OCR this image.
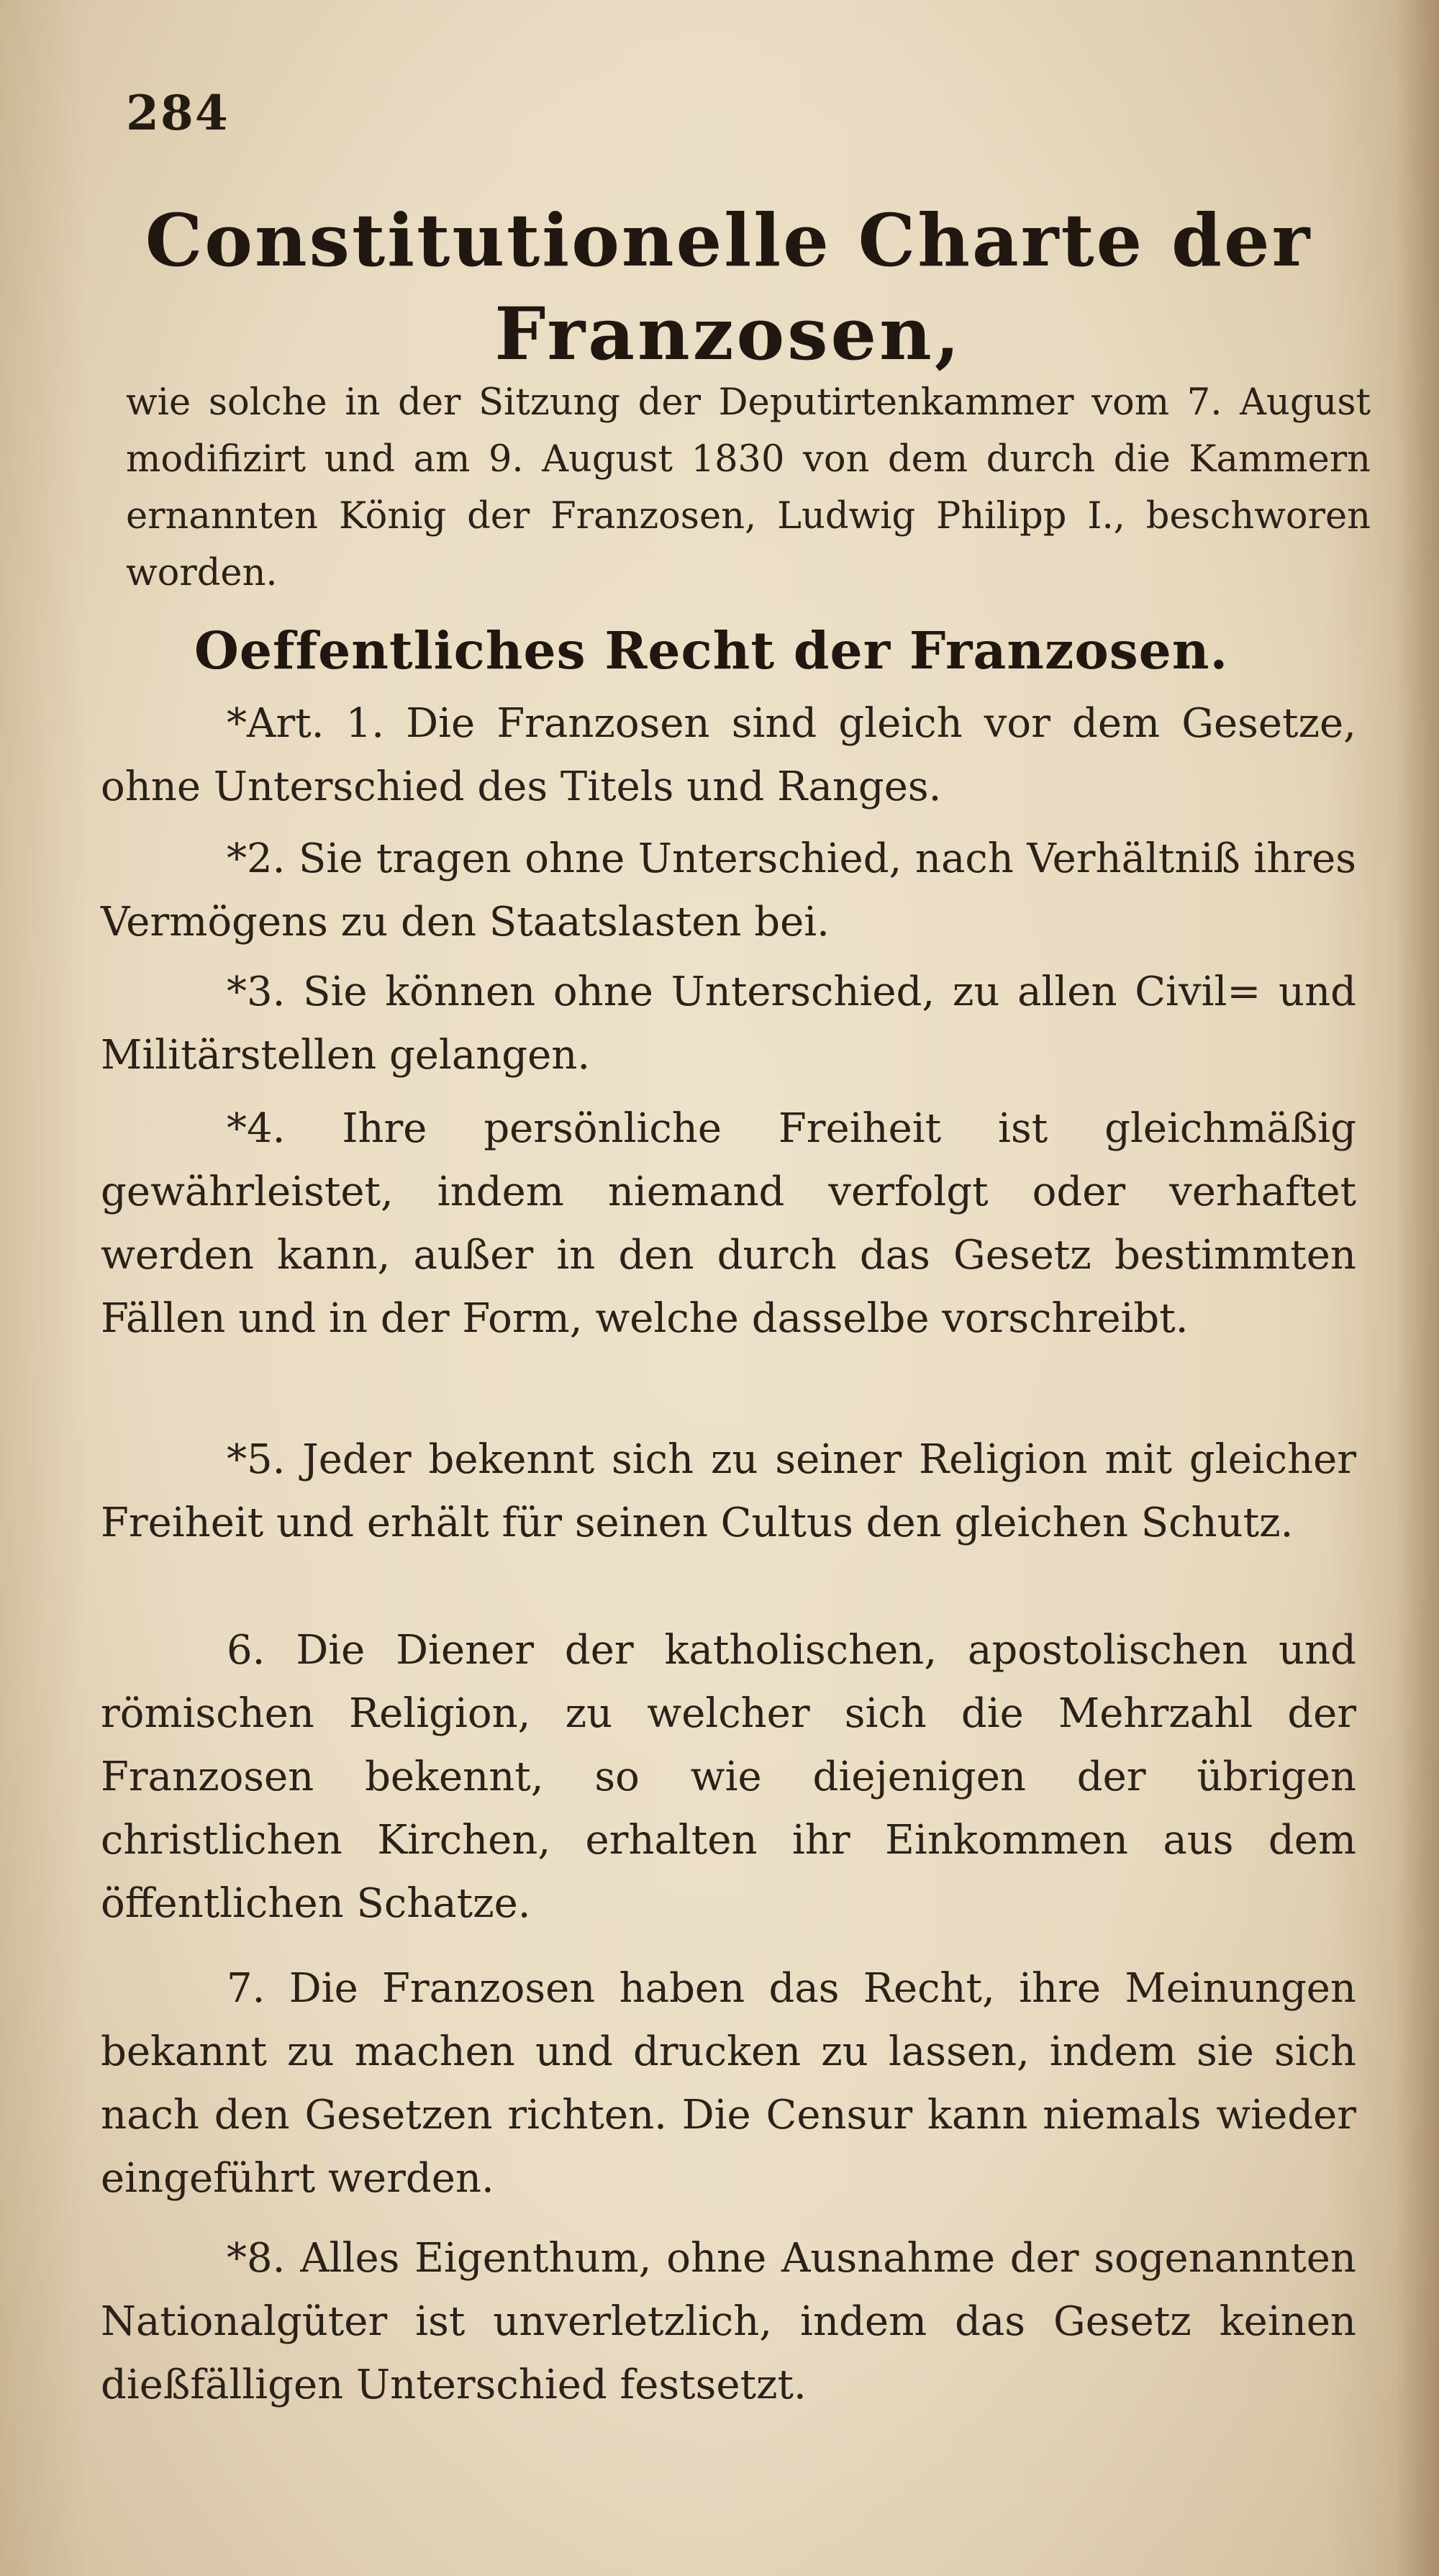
284
Constitutionelle Charte der
Franzosen,
wie solche in der Sitzung der Deputirtenkammer vom 7. August modifizirt und am 9. August 1830 von dem durch die Kammern ernannten König der Franzosen, Ludwig Philipp I., beschworen worden.
Oeffentliches Recht der Franzosen.
*Art. 1. Die Franzosen sind gleich vor dem Gesetze, ohne Unterschied des Titels und Ranges.
*2. Sie tragen ohne Unterschied, nach Verhältniß ihres Vermögens zu den Staatslasten bei.
*3. Sie können ohne Unterschied, zu allen Civil= und Militärstellen gelangen.
*4. Ihre persönliche Freiheit ist gleichmäßig gewährleistet, indem niemand verfolgt oder verhaftet werden kann, außer in den durch das Gesetz bestimmten Fällen und in der Form, welche dasselbe vorschreibt.
*5. Jeder bekennt sich zu seiner Religion mit gleicher Freiheit und erhält für seinen Cultus den gleichen Schutz.
6. Die Diener der katholischen, apostolischen und römischen Religion, zu welcher sich die Mehrzahl der Franzosen bekennt, so wie diejenigen der übrigen christlichen Kirchen, erhalten ihr Einkommen aus dem öffentlichen Schatze.
7. Die Franzosen haben das Recht, ihre Meinungen bekannt zu machen und drucken zu lassen, indem sie sich nach den Gesetzen richten. Die Censur kann niemals wieder eingeführt werden.
*8. Alles Eigenthum, ohne Ausnahme der sogenannten Nationalgüter ist unverletzlich, indem das Gesetz keinen dießfälligen Unterschied festsetzt.
